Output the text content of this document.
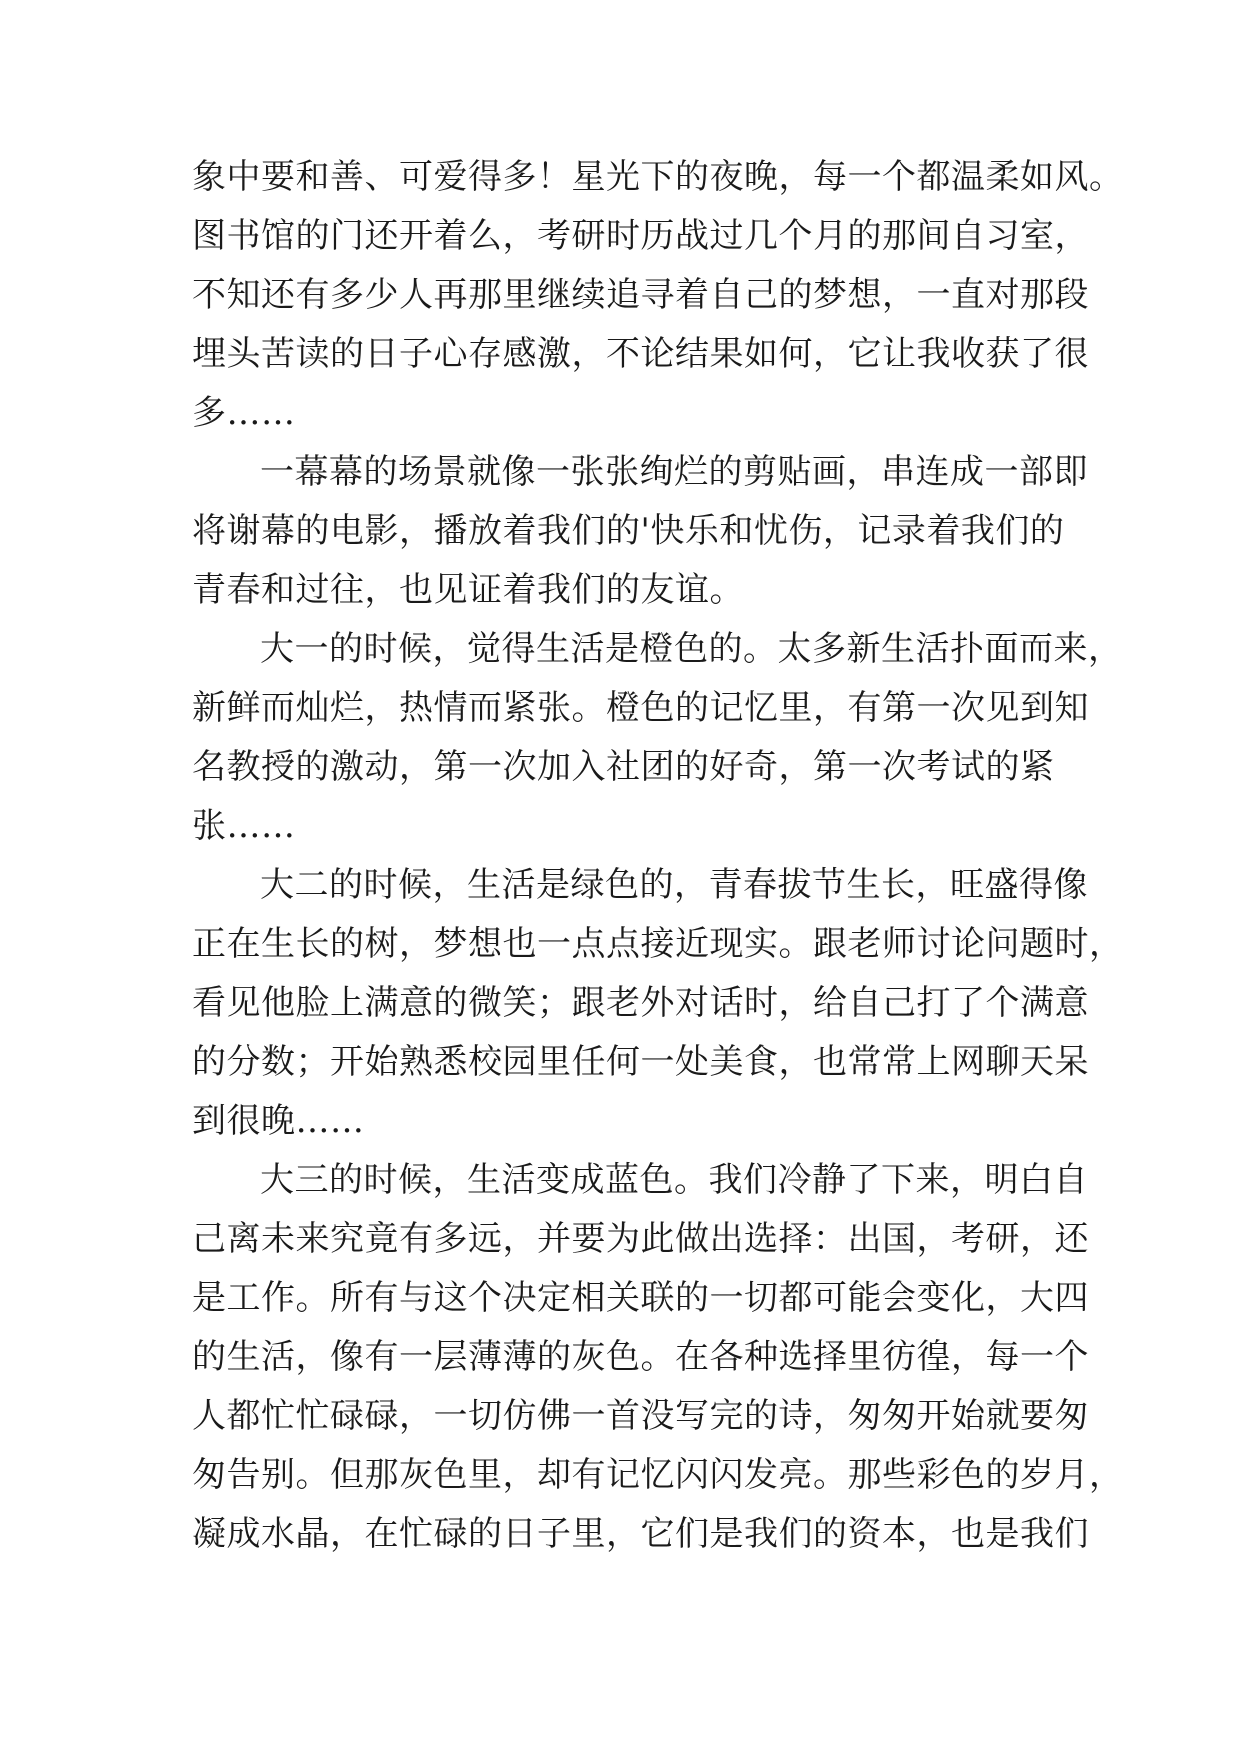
象中要和善、可爱得多！星光下的夜晚，每一个都温柔如风。
图书馆的门还开着么，考研时历战过几个月的那间自习室，
不知还有多少人再那里继续追寻着自己的梦想，一直对那段
埋头苦读的日子心存感激，不论结果如何，它让我收获了很
多……
一幕幕的场景就像一张张绚烂的剪贴画，串连成一部即
将谢幕的电影，播放着我们的'快乐和忧伤，记录着我们的
青春和过往，也见证着我们的友谊。
大一的时候，觉得生活是橙色的。太多新生活扑面而来，
新鲜而灿烂，热情而紧张。橙色的记忆里，有第一次见到知
名教授的激动，第一次加入社团的好奇，第一次考试的紧
张……
大二的时候，生活是绿色的，青春拔节生长，旺盛得像
正在生长的树，梦想也一点点接近现实。跟老师讨论问题时，
看见他脸上满意的微笑；跟老外对话时，给自己打了个满意
的分数；开始熟悉校园里任何一处美食，也常常上网聊天呆
到很晚……
大三的时候，生活变成蓝色。我们冷静了下来，明白自
己离未来究竟有多远，并要为此做出选择：出国，考研，还
是工作。所有与这个决定相关联的一切都可能会变化，大四
的生活，像有一层薄薄的灰色。在各种选择里彷徨，每一个
人都忙忙碌碌，一切仿佛一首没写完的诗，匆匆开始就要匆
匆告别。但那灰色里，却有记忆闪闪发亮。那些彩色的岁月，
凝成水晶，在忙碌的日子里，它们是我们的资本，也是我们
